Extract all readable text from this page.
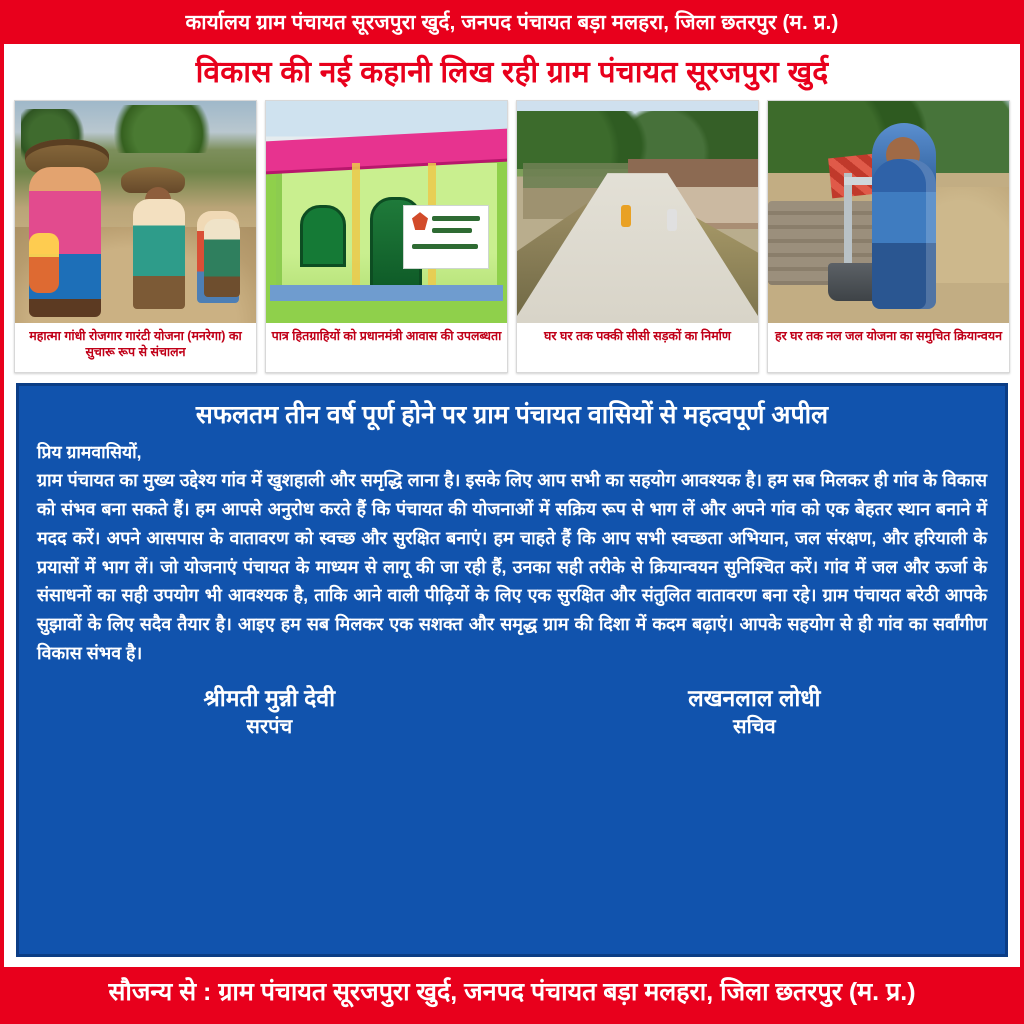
कार्यालय ग्राम पंचायत सूरजपुरा खुर्द, जनपद पंचायत बड़ा मलहरा, जिला छतरपुर (म. प्र.)
विकास की नई कहानी लिख रही ग्राम पंचायत सूरजपुरा खुर्द
महात्मा गांधी रोजगार गारंटी योजना (मनरेगा) का सुचारू रूप से संचालन
पात्र हितग्राहियों को प्रधानमंत्री आवास की उपलब्धता	घर घर तक पक्की सीसी सड़कों का निर्माण	हर घर तक नल जल योजना का समुचित क्रियान्वयन
सफलतम तीन वर्ष पूर्ण होने पर ग्राम पंचायत वासियों से महत्वपूर्ण अपील
प्रिय ग्रामवासियों,
ग्राम पंचायत का मुख्य उद्देश्य गांव में खुशहाली और समृद्धि लाना है। इसके लिए आप सभी का सहयोग आवश्यक है। हम सब मिलकर ही गांव के विकास को संभव बना सकते हैं। हम आपसे अनुरोध करते हैं कि पंचायत की योजनाओं में सक्रिय रूप से भाग लें और अपने गांव को एक बेहतर स्थान बनाने में मदद करें। अपने आसपास के वातावरण को स्वच्छ और सुरक्षित बनाएं। हम चाहते हैं कि आप सभी स्वच्छता अभियान, जल संरक्षण, और हरियाली के प्रयासों में भाग लें। जो योजनाएं पंचायत के माध्यम से लागू की जा रही हैं, उनका सही तरीके से क्रियान्वयन सुनिश्चित करें। गांव में जल और ऊर्जा के संसाधनों का सही उपयोग भी आवश्यक है, ताकि आने वाली पीढ़ियों के लिए एक सुरक्षित और संतुलित वातावरण बना रहे। ग्राम पंचायत बरेठी आपके सुझावों के लिए सदैव तैयार है। आइए हम सब मिलकर एक सशक्त और समृद्ध ग्राम की दिशा में कदम बढ़ाएं। आपके सहयोग से ही गांव का सर्वांगीण विकास संभव है।
श्रीमती मुन्नी देवी
सरपंच
लखनलाल लोधी
सचिव
सौजन्य से : ग्राम पंचायत सूरजपुरा खुर्द, जनपद पंचायत बड़ा मलहरा, जिला छतरपुर (म. प्र.)
